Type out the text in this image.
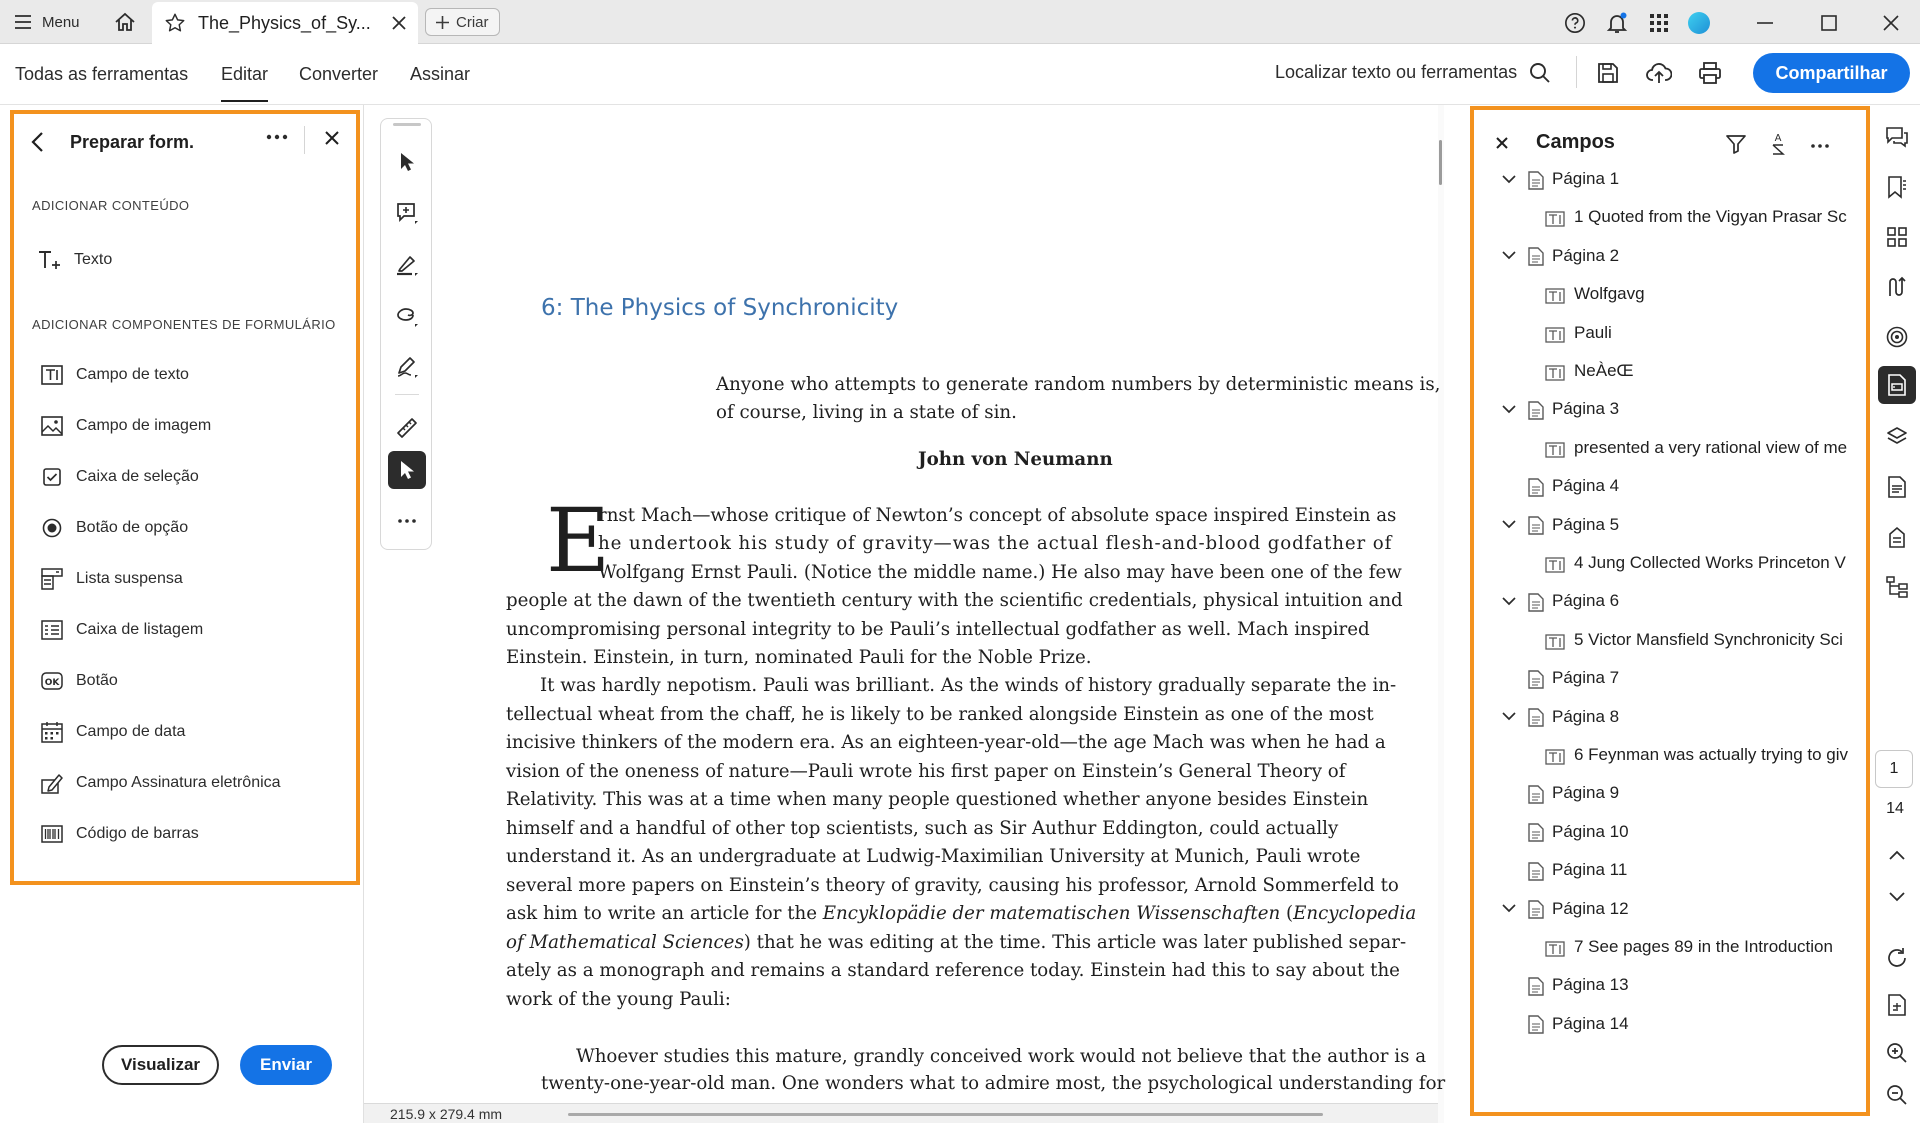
Menu	The_Physics_of_Sy...	Criar
Todas as ferramentas Editar Converter Assinar	Localizar texto ou ferramentas	Compartilhar
Preparar form.
ADICIONAR CONTEÚDO
Texto
ADICIONAR COMPONENTES DE FORMULÁRIO
Campo de texto
Campo de imagem
Caixa de seleção
Botão de opção
Lista suspensa
Caixa de listagem
OK Botão
Campo de data
Campo Assinatura eletrônica
Código de barras
Visualizar	Enviar
6: The Physics of Synchronicity
Anyone who attempts to generate random numbers by deterministic means is,
of course, living in a state of sin.
John von Neumann
E
rnst Mach—whose critique of Newton’s concept of absolute space inspired Einstein as
he undertook his study of gravity—was the actual flesh-and-blood godfather of
Wolfgang Ernst Pauli. (Notice the middle name.) He also may have been one of the few
people at the dawn of the twentieth century with the scientific credentials, physical intuition and
uncompromising personal integrity to be Pauli’s intellectual godfather as well. Mach inspired
Einstein. Einstein, in turn, nominated Pauli for the Noble Prize.
It was hardly nepotism. Pauli was brilliant. As the winds of history gradually separate the in-
tellectual wheat from the chaff, he is likely to be ranked alongside Einstein as one of the most
incisive thinkers of the modern era. As an eighteen-year-old—the age Mach was when he had a
vision of the oneness of nature—Pauli wrote his first paper on Einstein’s General Theory of
Relativity. This was at a time when many people questioned whether anyone besides Einstein
himself and a handful of other top scientists, such as Sir Authur Eddington, could actually
understand it. As an undergraduate at Ludwig-Maximilian University at Munich, Pauli wrote
several more papers on Einstein’s theory of gravity, causing his professor, Arnold Sommerfeld to
ask him to write an article for the Encyklopädie der matematischen Wissenschaften (Encyclopedia
of Mathematical Sciences) that he was editing at the time. This article was later published separ-
ately as a monograph and remains a standard reference today. Einstein had this to say about the
work of the young Pauli:
Whoever studies this mature, grandly conceived work would not believe that the author is a
twenty-one-year-old man. One wonders what to admire most, the psychological understanding for
215.9 x 279.4 mm
Campos	A
Página 1
1 Quoted from the Vigyan Prasar Sc
Página 2
Wolfgavg
Pauli
NeÀeŒ
Página 3
presented a very rational view of me
Página 4
Página 5
4 Jung Collected Works Princeton V
Página 6
5 Victor Mansfield Synchronicity Sci
Página 7
Página 8
6 Feynman was actually trying to giv
Página 9
Página 10
Página 11
Página 12
7 See pages 89 in the Introduction
Página 13
Página 14
1
14
